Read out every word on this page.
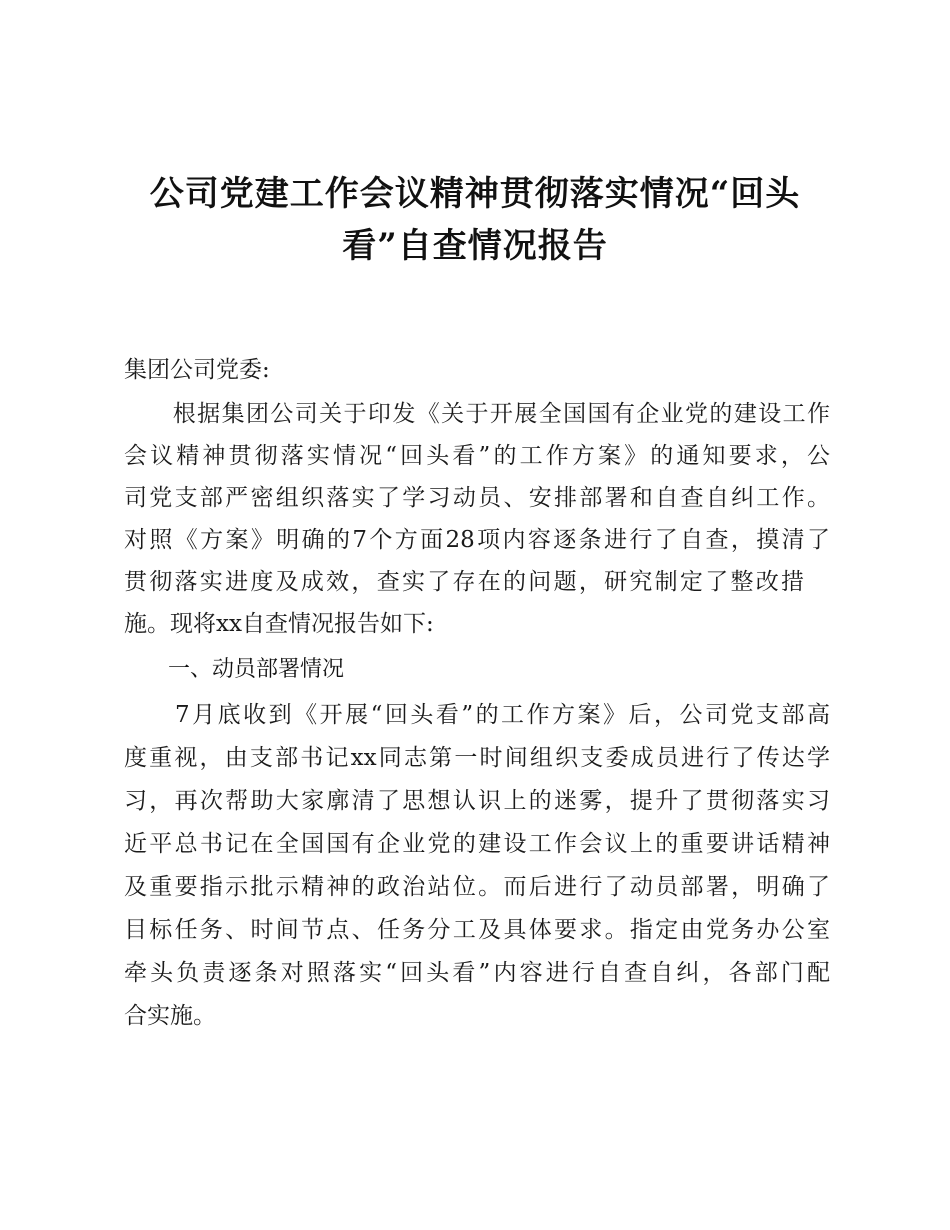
公司党建工作会议精神贯彻落实情况“回头
看”自查情况报告
集团公司党委:
　　根据集团公司关于印发《关于开展全国国有企业党的建设工作
会议精神贯彻落实情况“回头看”的工作方案》的通知要求，公
司党支部严密组织落实了学习动员、安排部署和自查自纠工作。
对照《方案》明确的7个方面28项内容逐条进行了自查，摸清了
贯彻落实进度及成效，查实了存在的问题，研究制定了整改措
施。现将xx自查情况报告如下:
　　一、动员部署情况
　　7月底收到《开展“回头看”的工作方案》后，公司党支部高
度重视，由支部书记xx同志第一时间组织支委成员进行了传达学
习，再次帮助大家廓清了思想认识上的迷雾，提升了贯彻落实习
近平总书记在全国国有企业党的建设工作会议上的重要讲话精神
及重要指示批示精神的政治站位。而后进行了动员部署，明确了
目标任务、时间节点、任务分工及具体要求。指定由党务办公室
牵头负责逐条对照落实“回头看”内容进行自查自纠，各部门配
合实施。
